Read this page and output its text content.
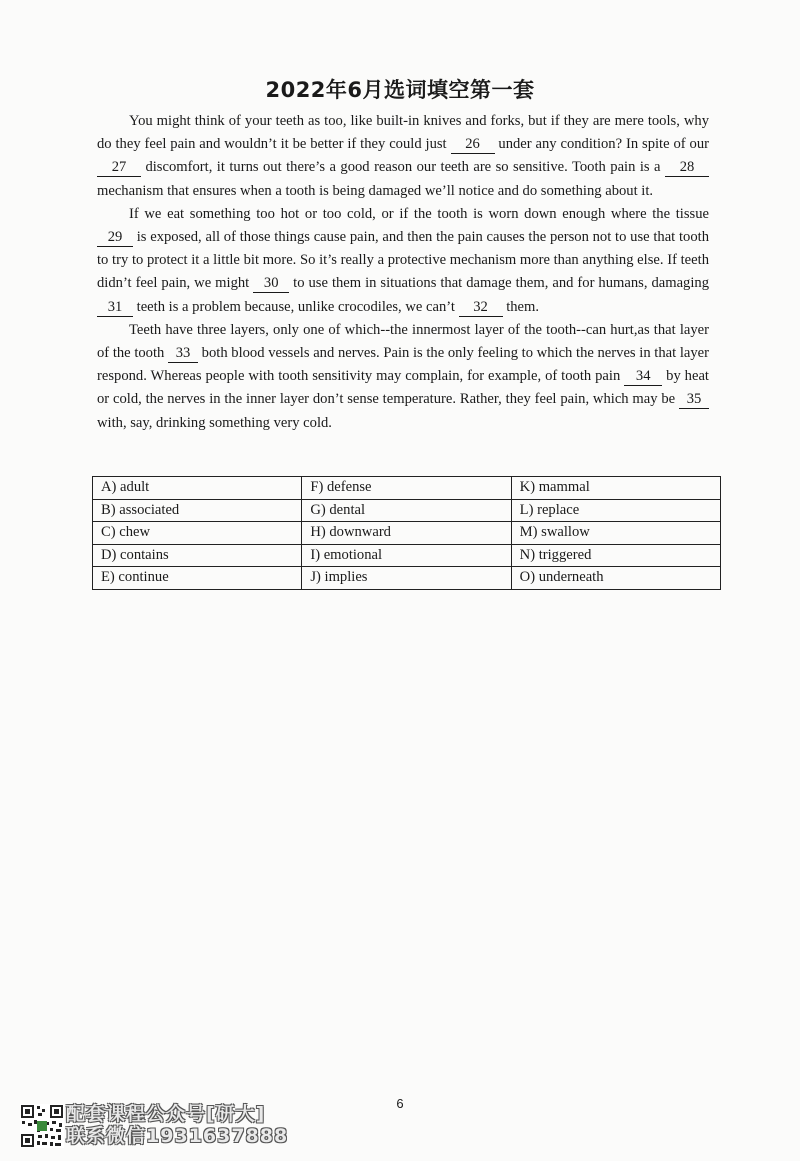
2022年6月选词填空第一套

You might think of your teeth as too, like built-in knives and forks, but if they are mere tools, why do they feel pain and wouldn’t it be better if they could just 26 under any condition? In spite of our 27 discomfort, it turns out there’s a good reason our teeth are so sensitive. Tooth pain is a 28 mechanism that ensures when a tooth is being damaged we’ll notice and do something about it.

If we eat something too hot or too cold, or if the tooth is worn down enough where the tissue 29 is exposed, all of those things cause pain, and then the pain causes the person not to use that tooth to try to protect it a little bit more. So it’s really a protective mechanism more than anything else. If teeth didn’t feel pain, we might 30 to use them in situations that damage them, and for humans, damaging 31 teeth is a problem because, unlike crocodiles, we can’t 32 them.

Teeth have three layers, only one of which--the innermost layer of the tooth--can hurt,as that layer of the tooth 33 both blood vessels and nerves. Pain is the only feeling to which the nerves in that layer respond. Whereas people with tooth sensitivity may complain, for example, of tooth pain 34 by heat or cold, the nerves in the inner layer don’t sense temperature. Rather, they feel pain, which may be 35 with, say, drinking something very cold.

A) adult	F) defense	K) mammal
B) associated	G) dental	L) replace
C) chew	H) downward	M) swallow
D) contains	I) emotional	N) triggered
E) continue	J) implies	O) underneath
6
配套课程公众号[研大]
联系微信1931637888
